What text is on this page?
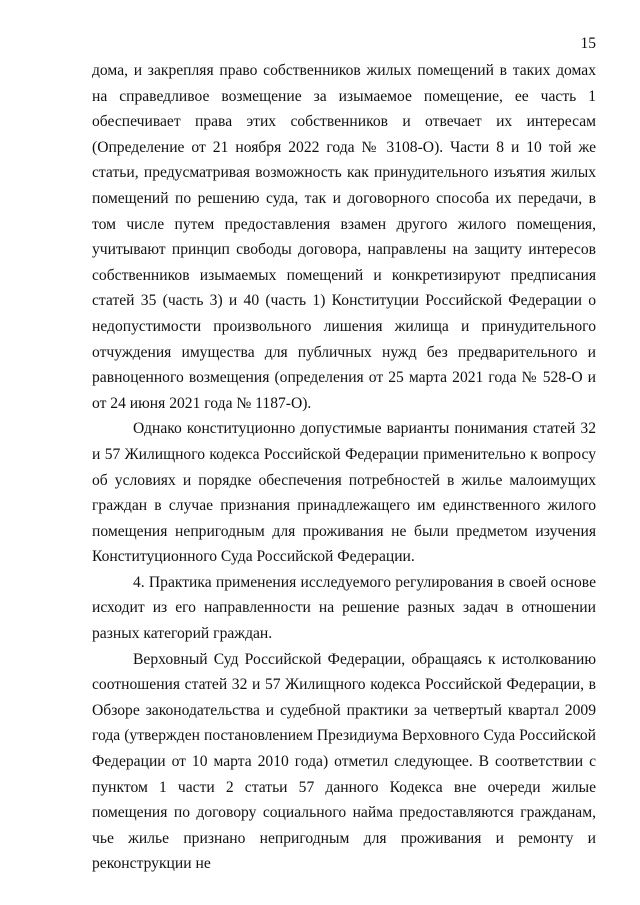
15

дома, и закрепляя право собственников жилых помещений в таких домах на справедливое возмещение за изымаемое помещение, ее часть 1 обеспечивает права этих собственников и отвечает их интересам (Определение от 21 ноября 2022 года № 3108-О). Части 8 и 10 той же статьи, предусматривая возможность как принудительного изъятия жилых помещений по решению суда, так и договорного способа их передачи, в том числе путем предоставления взамен другого жилого помещения, учитывают принцип свободы договора, направлены на защиту интересов собственников изымаемых помещений и конкретизируют предписания статей 35 (часть 3) и 40 (часть 1) Конституции Российской Федерации о недопустимости произвольного лишения жилища и принудительного отчуждения имущества для публичных нужд без предварительного и равноценного возмещения (определения от 25 марта 2021 года № 528-О и от 24 июня 2021 года № 1187-О).

Однако конституционно допустимые варианты понимания статей 32 и 57 Жилищного кодекса Российской Федерации применительно к вопросу об условиях и порядке обеспечения потребностей в жилье малоимущих граждан в случае признания принадлежащего им единственного жилого помещения непригодным для проживания не были предметом изучения Конституционного Суда Российской Федерации.

4. Практика применения исследуемого регулирования в своей основе исходит из его направленности на решение разных задач в отношении разных категорий граждан.

Верховный Суд Российской Федерации, обращаясь к истолкованию соотношения статей 32 и 57 Жилищного кодекса Российской Федерации, в Обзоре законодательства и судебной практики за четвертый квартал 2009 года (утвержден постановлением Президиума Верховного Суда Российской Федерации от 10 марта 2010 года) отметил следующее. В соответствии с пунктом 1 части 2 статьи 57 данного Кодекса вне очереди жилые помещения по договору социального найма предоставляются гражданам, чье жилье признано непригодным для проживания и ремонту и реконструкции не
